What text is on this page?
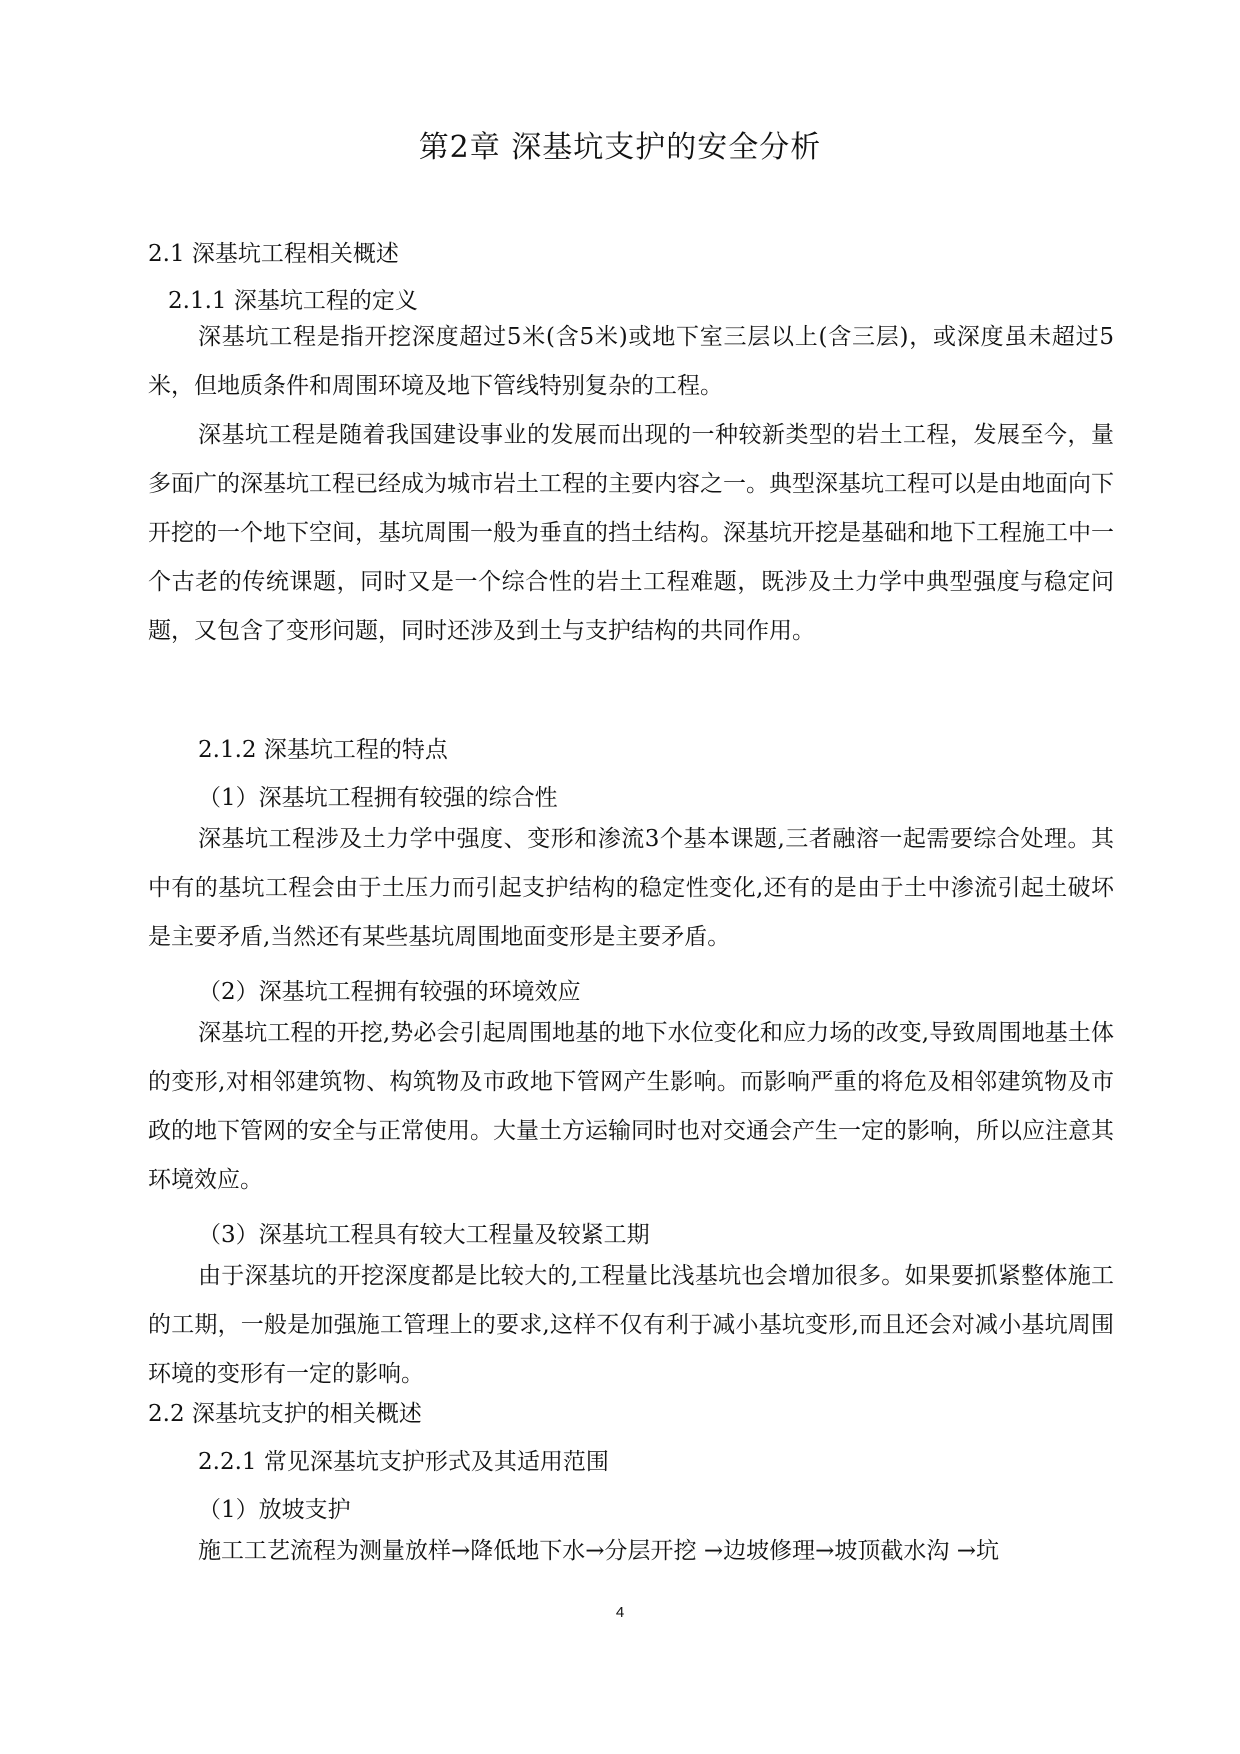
第2章 深基坑支护的安全分析
2.1 深基坑工程相关概述
2.1.1 深基坑工程的定义

深基坑工程是指开挖深度超过5米(含5米)或地下室三层以上(含三层)，或深度虽未超过5米，但地质条件和周围环境及地下管线特别复杂的工程。

深基坑工程是随着我国建设事业的发展而出现的一种较新类型的岩土工程，发展至今，量多面广的深基坑工程已经成为城市岩土工程的主要内容之一。典型深基坑工程可以是由地面向下开挖的一个地下空间，基坑周围一般为垂直的挡土结构。深基坑开挖是基础和地下工程施工中一个古老的传统课题，同时又是一个综合性的岩土工程难题，既涉及土力学中典型强度与稳定问题，又包含了变形问题，同时还涉及到土与支护结构的共同作用。

2.1.2 深基坑工程的特点
（1）深基坑工程拥有较强的综合性

深基坑工程涉及土力学中强度、变形和渗流3个基本课题,三者融溶一起需要综合处理。其中有的基坑工程会由于土压力而引起支护结构的稳定性变化,还有的是由于土中渗流引起土破坏是主要矛盾,当然还有某些基坑周围地面变形是主要矛盾。

（2）深基坑工程拥有较强的环境效应

深基坑工程的开挖,势必会引起周围地基的地下水位变化和应力场的改变,导致周围地基土体的变形,对相邻建筑物、构筑物及市政地下管网产生影响。而影响严重的将危及相邻建筑物及市政的地下管网的安全与正常使用。大量土方运输同时也对交通会产生一定的影响，所以应注意其环境效应。

（3）深基坑工程具有较大工程量及较紧工期

由于深基坑的开挖深度都是比较大的,工程量比浅基坑也会增加很多。如果要抓紧整体施工的工期，一般是加强施工管理上的要求,这样不仅有利于减小基坑变形,而且还会对减小基坑周围环境的变形有一定的影响。

2.2 深基坑支护的相关概述
2.2.1 常见深基坑支护形式及其适用范围
（1）放坡支护

施工工艺流程为测量放样→降低地下水→分层开挖 →边坡修理→坡顶截水沟 →坑

4
